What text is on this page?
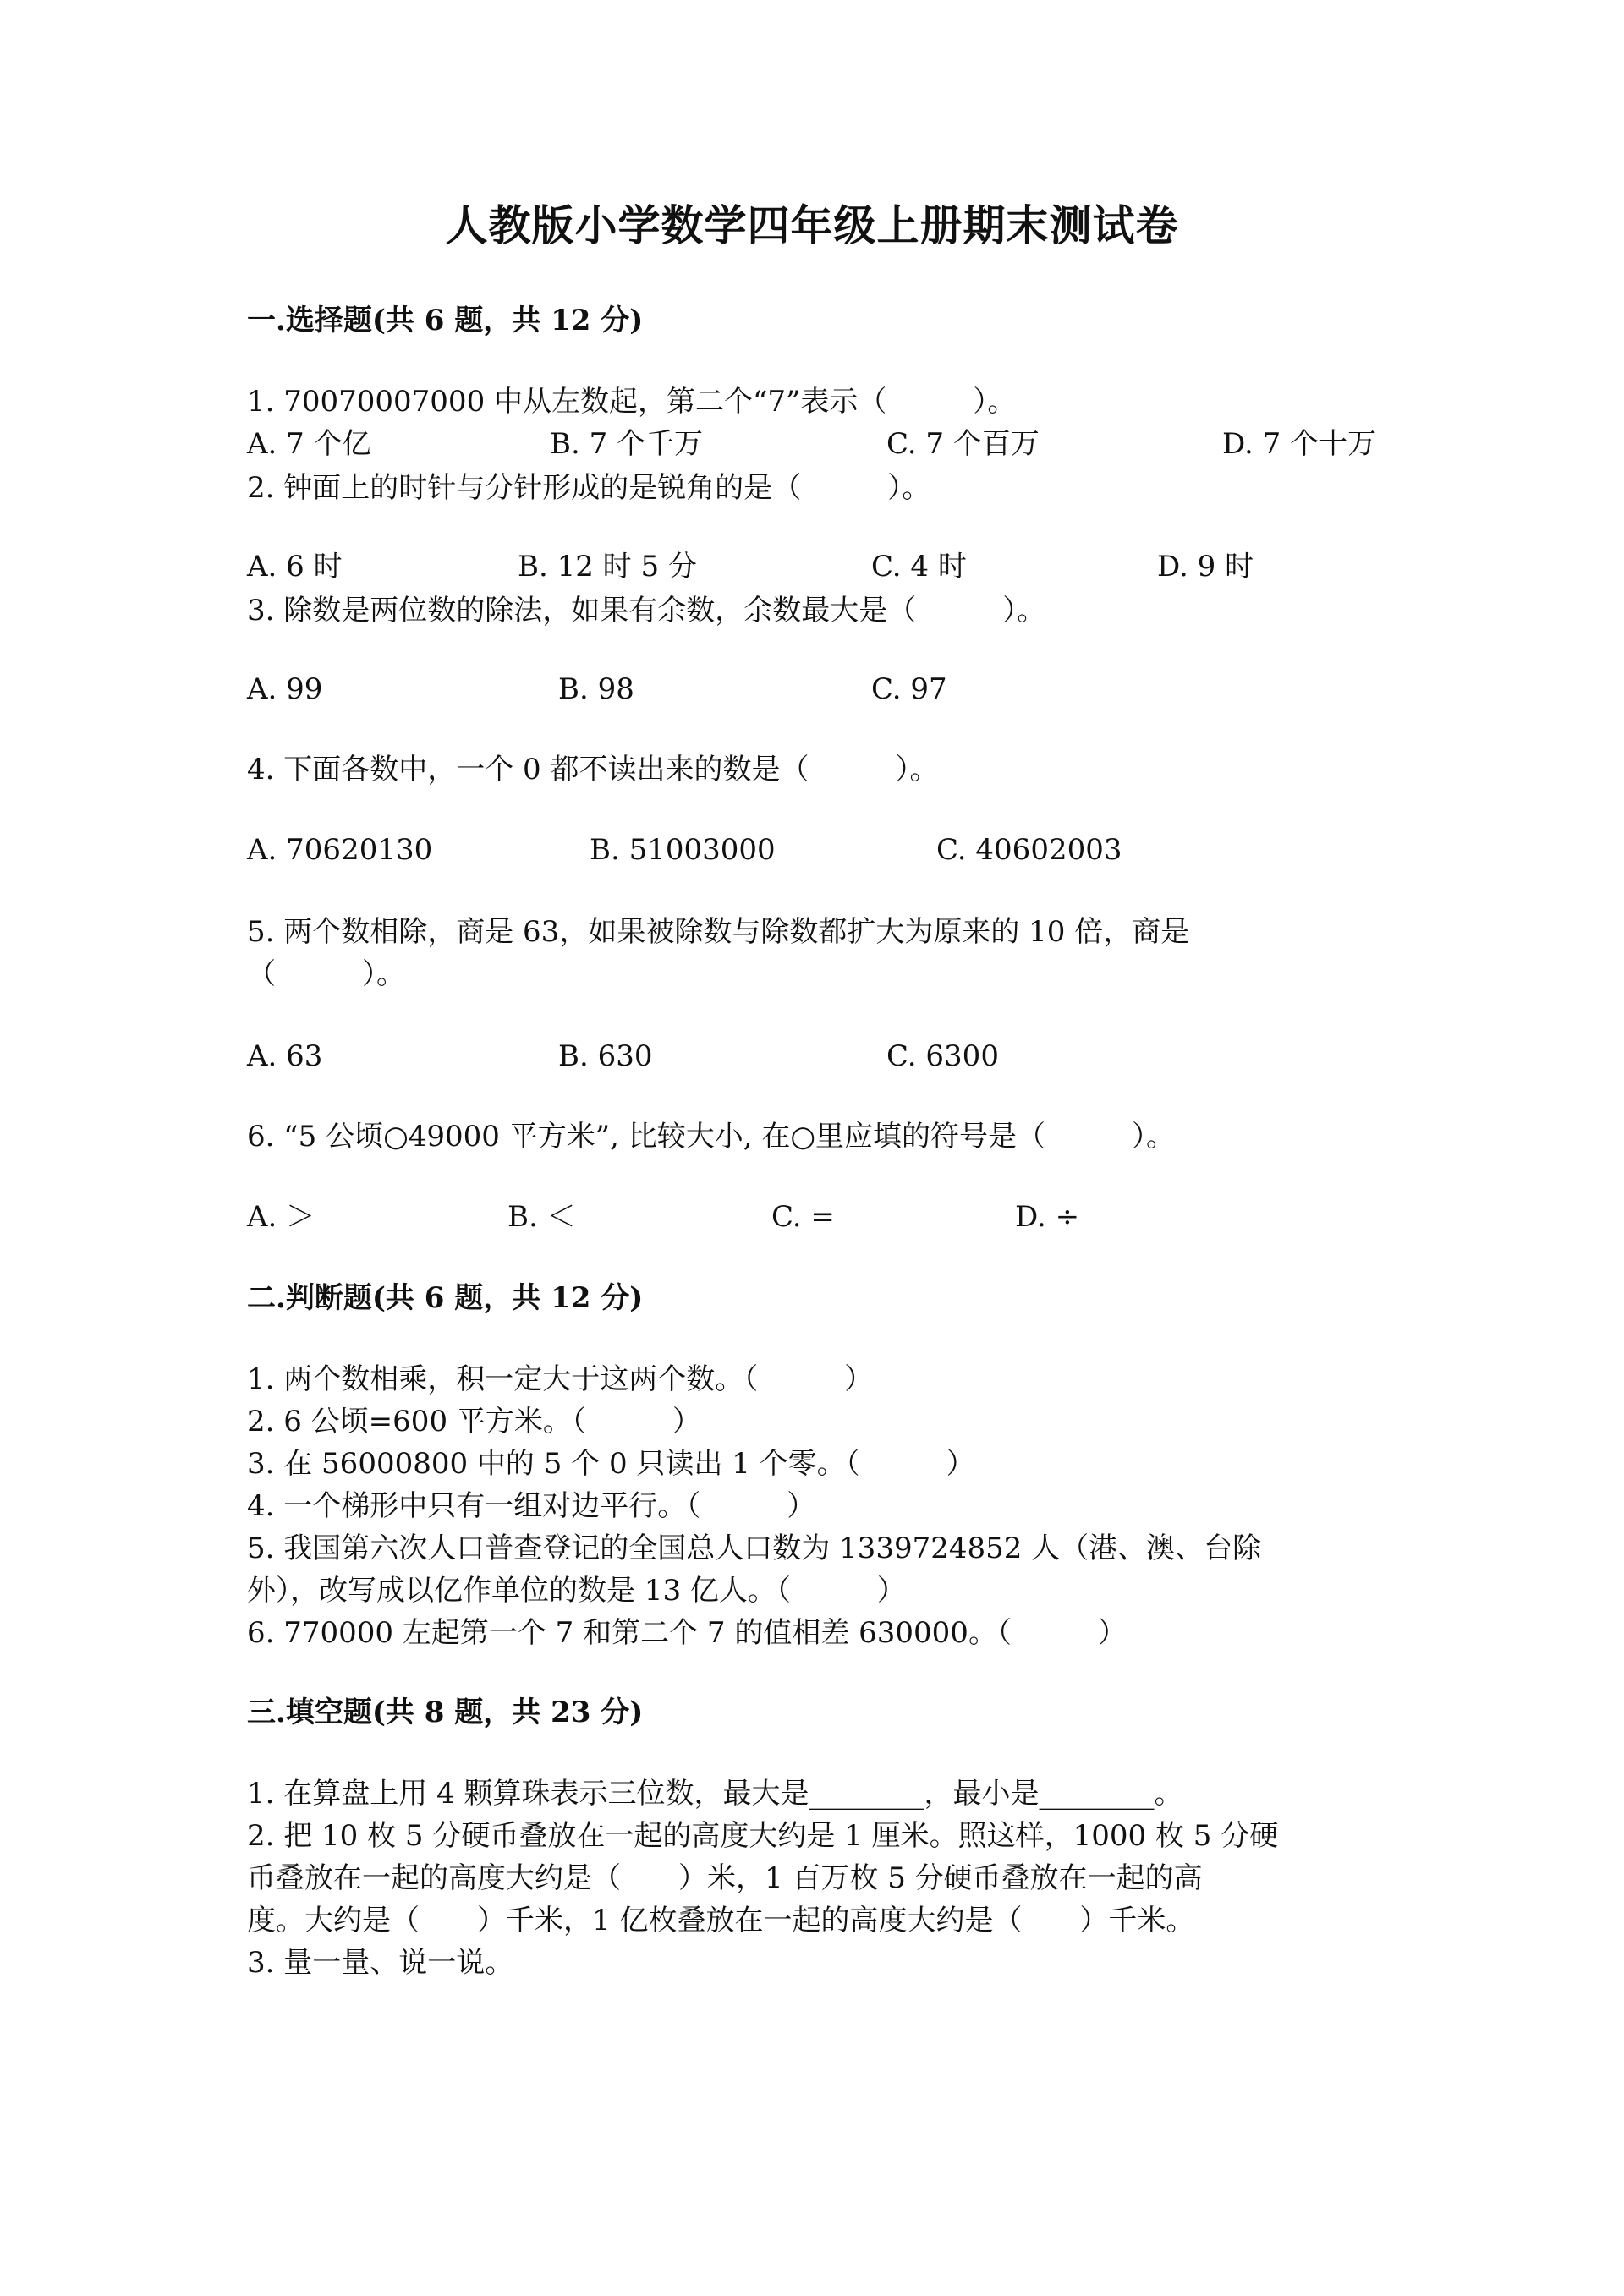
人教版小学数学四年级上册期末测试卷
一.选择题(共 6 题，共 12 分)
1. 70070007000 中从左数起，第二个“7”表示（　　　）。
A. 7 个亿	B. 7 个千万	C. 7 个百万	D. 7 个十万
2. 钟面上的时针与分针形成的是锐角的是（　　　）。
A. 6 时	B. 12 时 5 分	C. 4 时	D. 9 时
3. 除数是两位数的除法，如果有余数，余数最大是（　　　）。
A. 99	B. 98	C. 97
4. 下面各数中，一个 0 都不读出来的数是（　　　）。
A. 70620130	B. 51003000	C. 40602003
5. 两个数相除，商是 63，如果被除数与除数都扩大为原来的 10 倍，商是
（　　　）。
A. 63	B. 630	C. 6300
6. “5 公顷○49000 平方米”, 比较大小, 在○里应填的符号是（　　　）。
A. ＞	B. ＜	C. =	D. ÷
二.判断题(共 6 题，共 12 分)
1. 两个数相乘，积一定大于这两个数。（　　　）
2. 6 公顷=600 平方米。（　　　）
3. 在 56000800 中的 5 个 0 只读出 1 个零。（　　　）
4. 一个梯形中只有一组对边平行。（　　　）
5. 我国第六次人口普查登记的全国总人口数为 1339724852 人（港、澳、台除
外），改写成以亿作单位的数是 13 亿人。（　　　）
6. 770000 左起第一个 7 和第二个 7 的值相差 630000。（　　　）
三.填空题(共 8 题，共 23 分)
1. 在算盘上用 4 颗算珠表示三位数，最大是________，最小是________。
2. 把 10 枚 5 分硬币叠放在一起的高度大约是 1 厘米。照这样，1000 枚 5 分硬
币叠放在一起的高度大约是（　　）米，1 百万枚 5 分硬币叠放在一起的高
度。大约是（　　）千米，1 亿枚叠放在一起的高度大约是（　　）千米。
3. 量一量、说一说。
